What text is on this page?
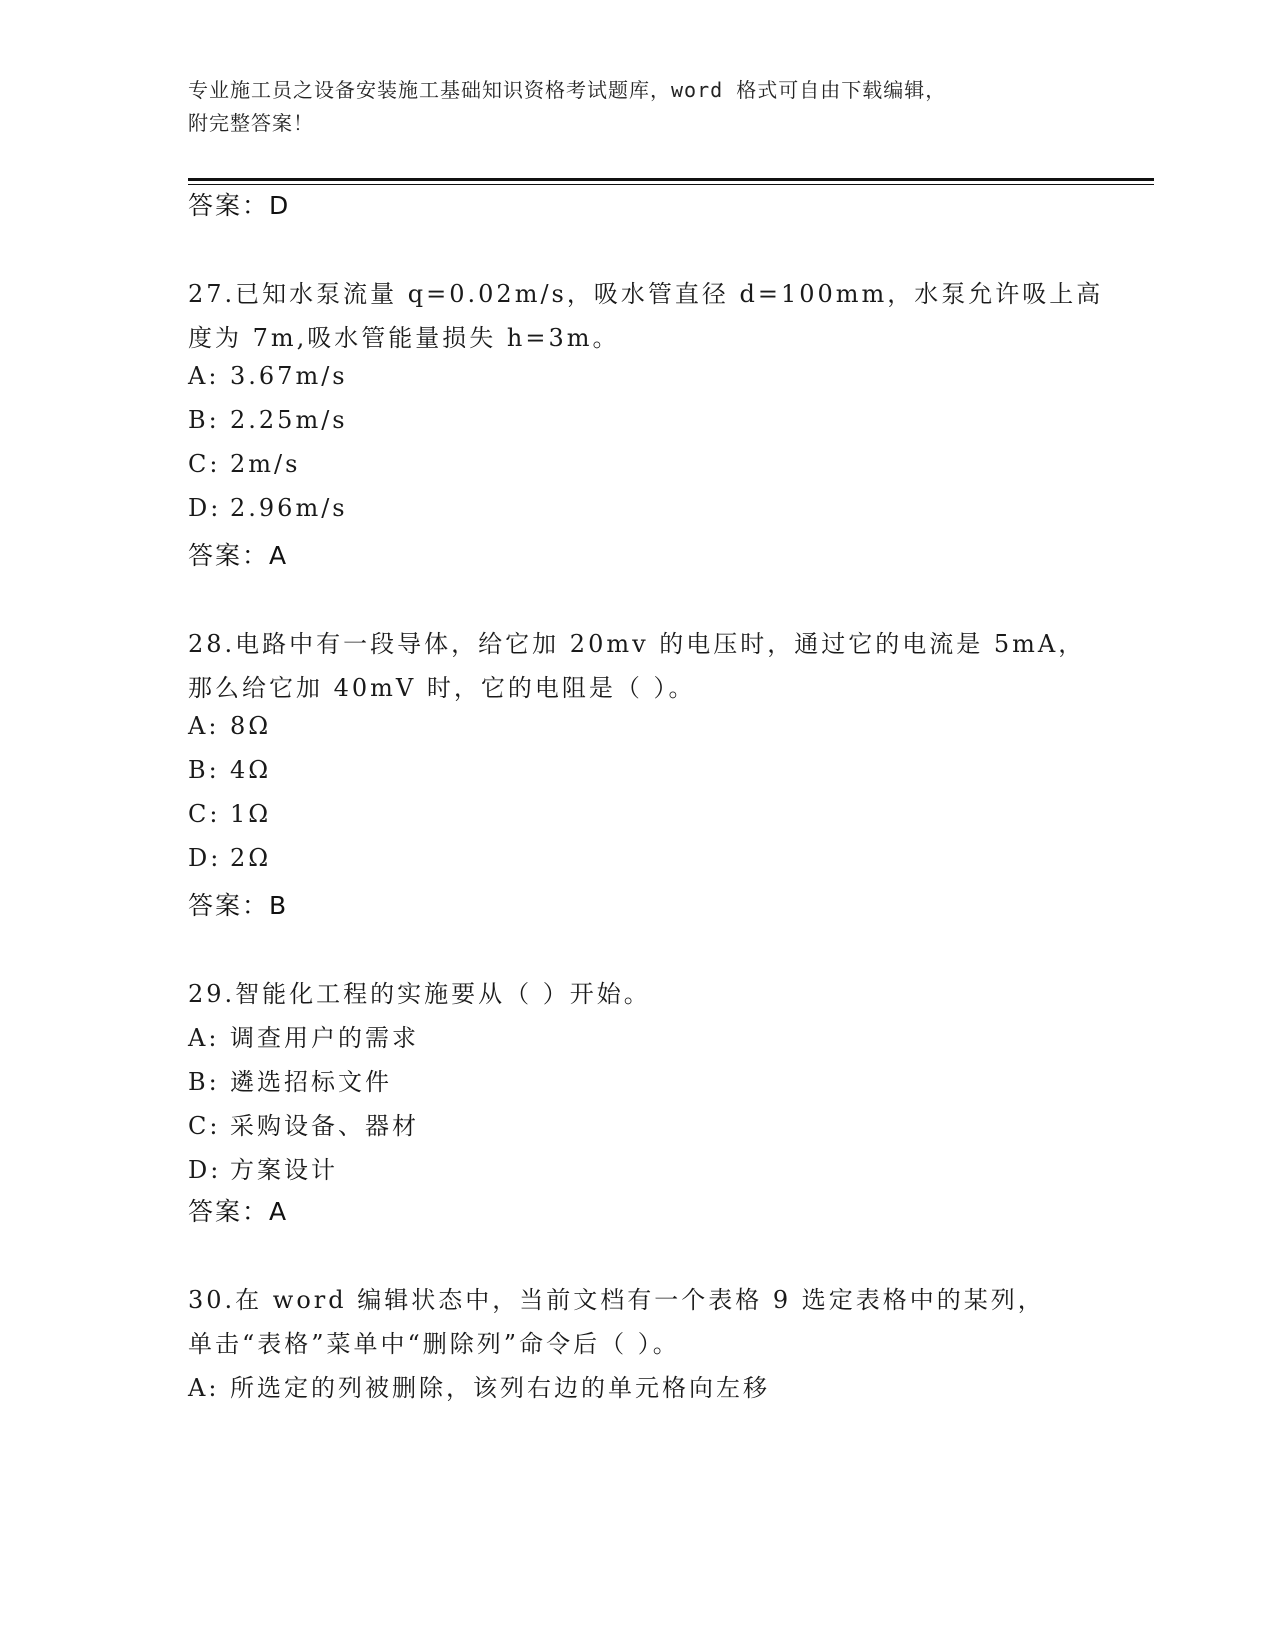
专业施工员之设备安装施工基础知识资格考试题库，word 格式可自由下载编辑，
附完整答案！
答案：D
27.已知水泵流量 q=0.02m/s，吸水管直径 d=100mm，水泵允许吸上高
度为 7m,吸水管能量损失 h=3m。
A: 3.67m/s
B: 2.25m/s
C: 2m/s
D: 2.96m/s
答案：A
28.电路中有一段导体，给它加 20mv 的电压时，通过它的电流是 5mA，
那么给它加 40mV 时，它的电阻是（ ）。
A: 8Ω
B: 4Ω
C: 1Ω
D: 2Ω
答案：B
29.智能化工程的实施要从（ ）开始。
A: 调查用户的需求
B: 遴选招标文件
C: 采购设备、器材
D: 方案设计
答案：A
30.在 word 编辑状态中，当前文档有一个表格 9 选定表格中的某列，
单击“表格”菜单中“删除列”命令后（ ）。
A: 所选定的列被删除，该列右边的单元格向左移
